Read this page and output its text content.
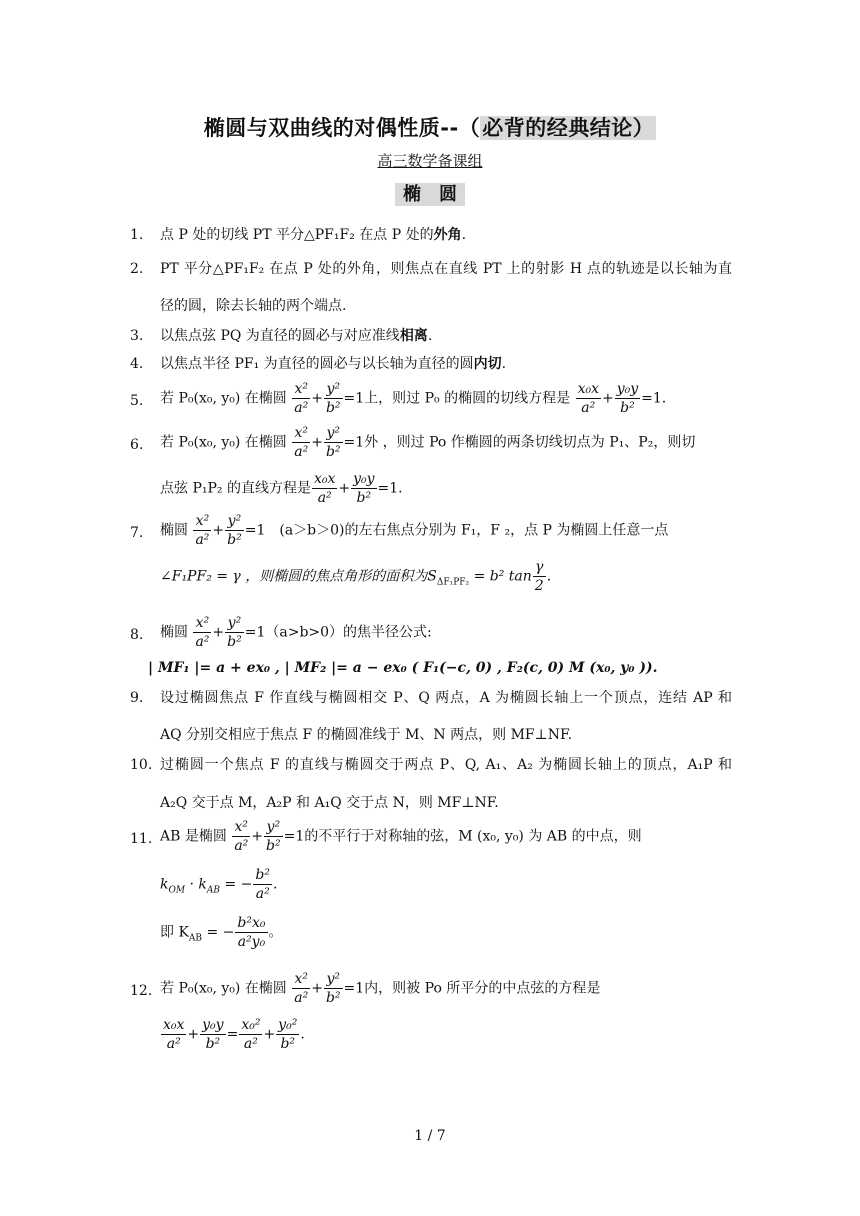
椭圆与双曲线的对偶性质--（必背的经典结论）
高三数学备课组
椭　圆
1. 点 P 处的切线 PT 平分△PF₁F₂ 在点 P 处的外角.
2. PT 平分△PF₁F₂ 在点 P 处的外角，则焦点在直线 PT 上的射影 H 点的轨迹是以长轴为直
径的圆，除去长轴的两个端点.
3. 以焦点弦 PQ 为直径的圆必与对应准线相离.
4. 以焦点半径 PF₁ 为直径的圆必与以长轴为直径的圆内切.
5. 若 P₀(x₀, y₀) 在椭圆 $\frac{\text{x²}}{\text{a²}} + \frac{\text{y²}}{\text{b²}} =1$上，则过 P₀ 的椭圆的切线方程是 $\frac{\text{x₀x}}{\text{a²}} + \frac{\text{y₀y}}{\text{b²}} =1$.
6. 若 P₀(x₀, y₀) 在椭圆 $\frac{\text{x²}}{\text{a²}} + \frac{\text{y²}}{\text{b²}} =1$外 ，则过 Po 作椭圆的两条切线切点为 P₁、P₂，则切
点弦 P₁P₂ 的直线方程是 $\frac{\text{x₀x}}{\text{a²}} + \frac{\text{y₀y}}{\text{b²}} =1$.
7. 椭圆 $\frac{\text{x²}}{\text{a²}} + \frac{\text{y²}}{\text{b²}} =1$　(a＞b＞0)的左右焦点分别为 F₁，F ₂，点 P 为椭圆上任意一点
∠F₁PF₂ = γ ，则椭圆的焦点角形的面积为$S_{\Delta F_1PF_2} = b^2$ $\tan \frac{\gamma}{2}$ .
8. 椭圆 $\frac{\text{x²}}{\text{a²}} + \frac{\text{y²}}{\text{b²}} =1(a>b>0)$的焦半径公式:
| MF₁ |= a + ex₀ , | MF₂ |= a − ex₀ ( F₁(−c, 0) , F₂(c, 0) M (x₀, y₀ )).
9. 设过椭圆焦点 F 作直线与椭圆相交 P、Q 两点，A 为椭圆长轴上一个顶点，连结 AP 和
AQ 分别交相应于焦点 F 的椭圆准线于 M、N 两点，则 MF⊥NF.
10. 过椭圆一个焦点 F 的直线与椭圆交于两点 P、Q, A₁、A₂ 为椭圆长轴上的顶点，A₁P 和
A₂Q 交于点 M，A₂P 和 A₁Q 交于点 N，则 MF⊥NF.
11. AB 是椭圆 $\frac{\text{x²}}{\text{a²}} + \frac{\text{y²}}{\text{b²}} =1$的不平行于对称轴的弦，M (x₀, y₀) 为 AB 的中点，则
$k_{OM} \cdot k_{AB}$ = − $\frac{\text{b²}}{\text{a²}}$ .
即 $K_{AB}$ = − $\frac{\text{b²x₀}}{\text{a²y₀}}$ 。
12. 若 P₀(x₀, y₀) 在椭圆 $\frac{\text{x²}}{\text{a²}} + \frac{\text{y²}}{\text{b²}} =1$内，则被 Po 所平分的中点弦的方程是
$\frac{\text{x₀x}}{\text{a²}} + \frac{\text{y₀y}}{\text{b²}} = \frac{\text{x₀²}}{\text{a²}} + \frac{\text{y₀²}}{\text{b²}}$ .
1 / 7
